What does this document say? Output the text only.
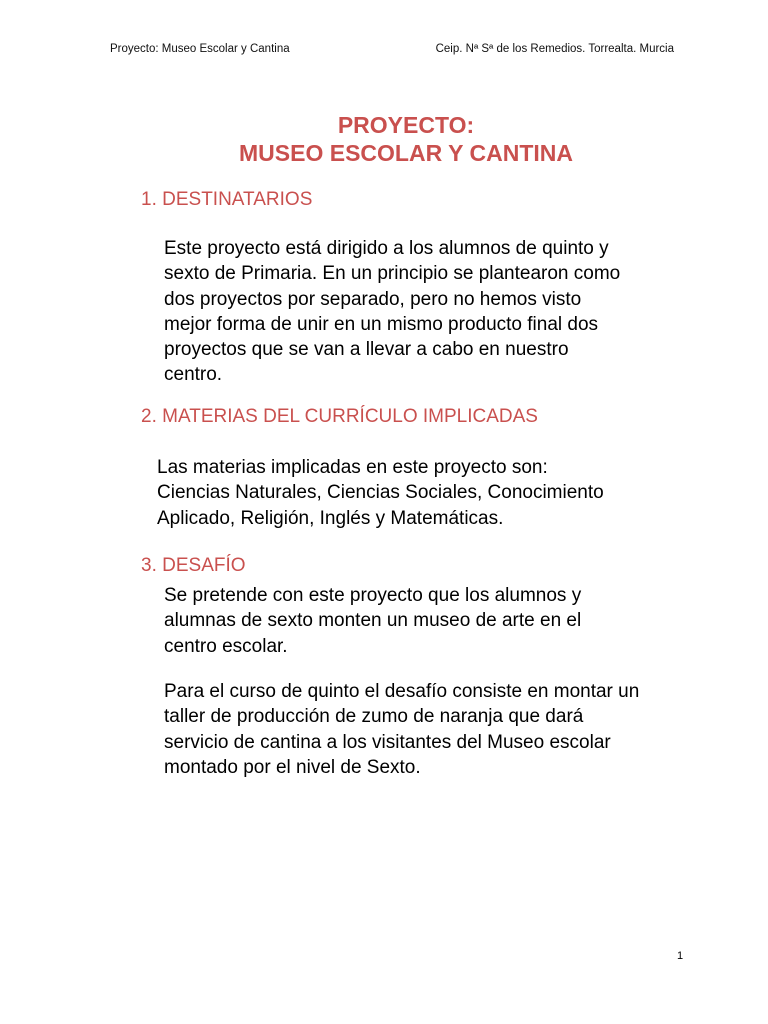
Proyecto: Museo Escolar y Cantina	Ceip. Nª Sª de los Remedios. Torrealta. Murcia
PROYECTO:
MUSEO ESCOLAR Y CANTINA
1. DESTINATARIOS
Este proyecto está dirigido a los alumnos de quinto y
sexto de Primaria. En un principio se plantearon como
dos proyectos por separado, pero no hemos visto
mejor forma de unir en un mismo producto final dos
proyectos que se van a llevar a cabo en nuestro
centro.
2. MATERIAS DEL CURRÍCULO IMPLICADAS
Las materias implicadas en este proyecto son:
Ciencias Naturales, Ciencias Sociales, Conocimiento
Aplicado, Religión, Inglés y Matemáticas.
3. DESAFÍO
Se pretende con este proyecto que los alumnos y
alumnas de sexto monten un museo de arte en el
centro escolar.
Para el curso de quinto el desafío consiste en montar un
taller de producción de zumo de naranja que dará
servicio de cantina a los visitantes del Museo escolar
montado por el nivel de Sexto.
1
